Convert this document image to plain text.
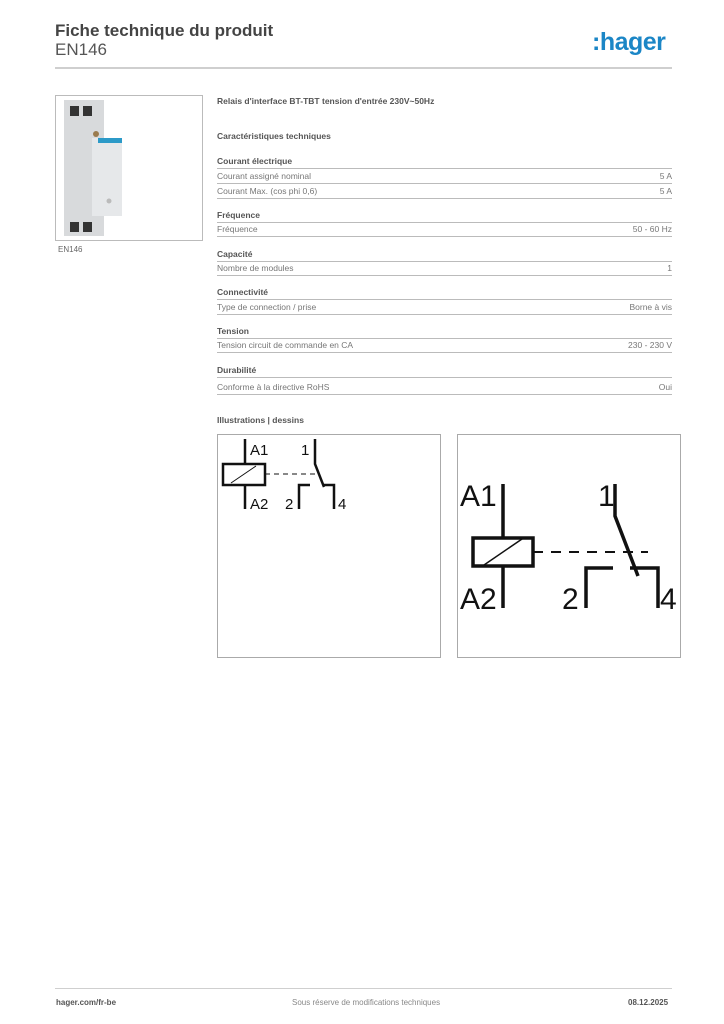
Fiche technique du produit
EN146	:hager
EN146
Relais d'interface BT-TBT tension d'entrée 230V~50Hz
Caractéristiques techniques
Courant électrique
Courant assigné nominal	5 A
Courant Max. (cos phi 0,6)	5 A
Fréquence
Fréquence	50 - 60 Hz
Capacité
Nombre de modules	1
Connectivité
Type de connection / prise	Borne à vis
Tension
Tension circuit de commande en CA	230 - 230 V
Durabilité
Conforme à la directive RoHS	Oui
Illustrations | dessins
A1
A2
1
2	4	A1
A2
1
2	4
hager.com/fr-be	Sous réserve de modifications techniques	08.12.2025
